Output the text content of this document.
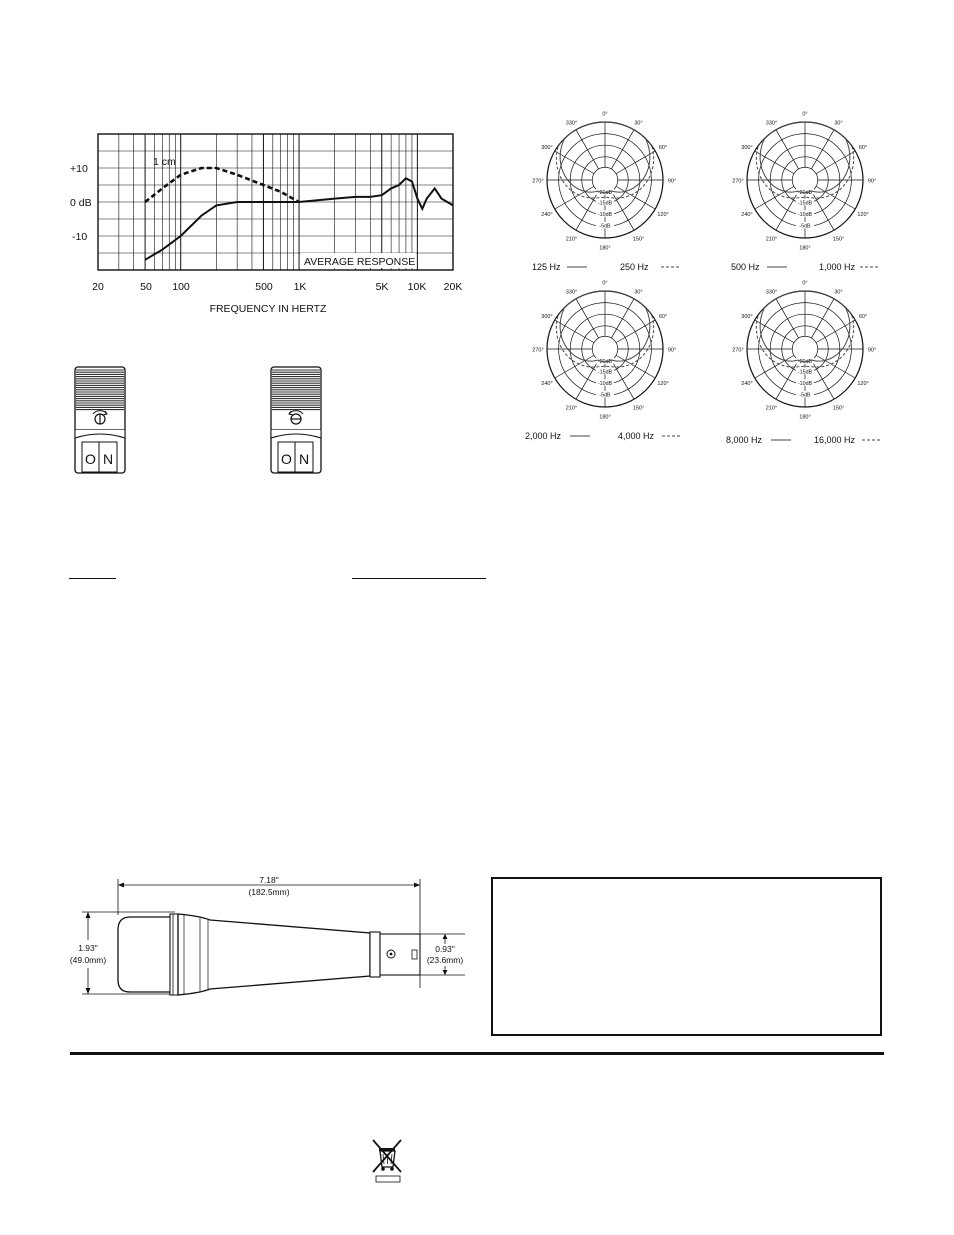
AVERAGE RESPONSE
1 cm
+10
0 dB
-10
20	50 100	500 1K	5K 10K 20K
FREQUENCY IN HERTZ
0°
30°
60°
90°
120°
150°
180°
210°
240°
270°
300°
330°
-20dB
-15dB
-10dB
-5dB
125 Hz	250 Hz
0°
30°
60°
90°
120°
150°
180°
210°
240°
270°
300°
330°
-20dB
-15dB
-10dB
-5dB
500 Hz	1,000 Hz
0°
30°
60°
90°
120°
150°
180°
210°
240°
270°
300°
330°
-20dB
-15dB
-10dB
-5dB
2,000 Hz	4,000 Hz
0°
30°
60°
90°
120°
150°
180°
210°
240°
270°
300°
330°
-20dB
-15dB
-10dB
-5dB
8,000 Hz	16,000 Hz
O N	O N
7.18"
(182.5mm)
1.93"
(49.0mm)
0.93"
(23.6mm)
